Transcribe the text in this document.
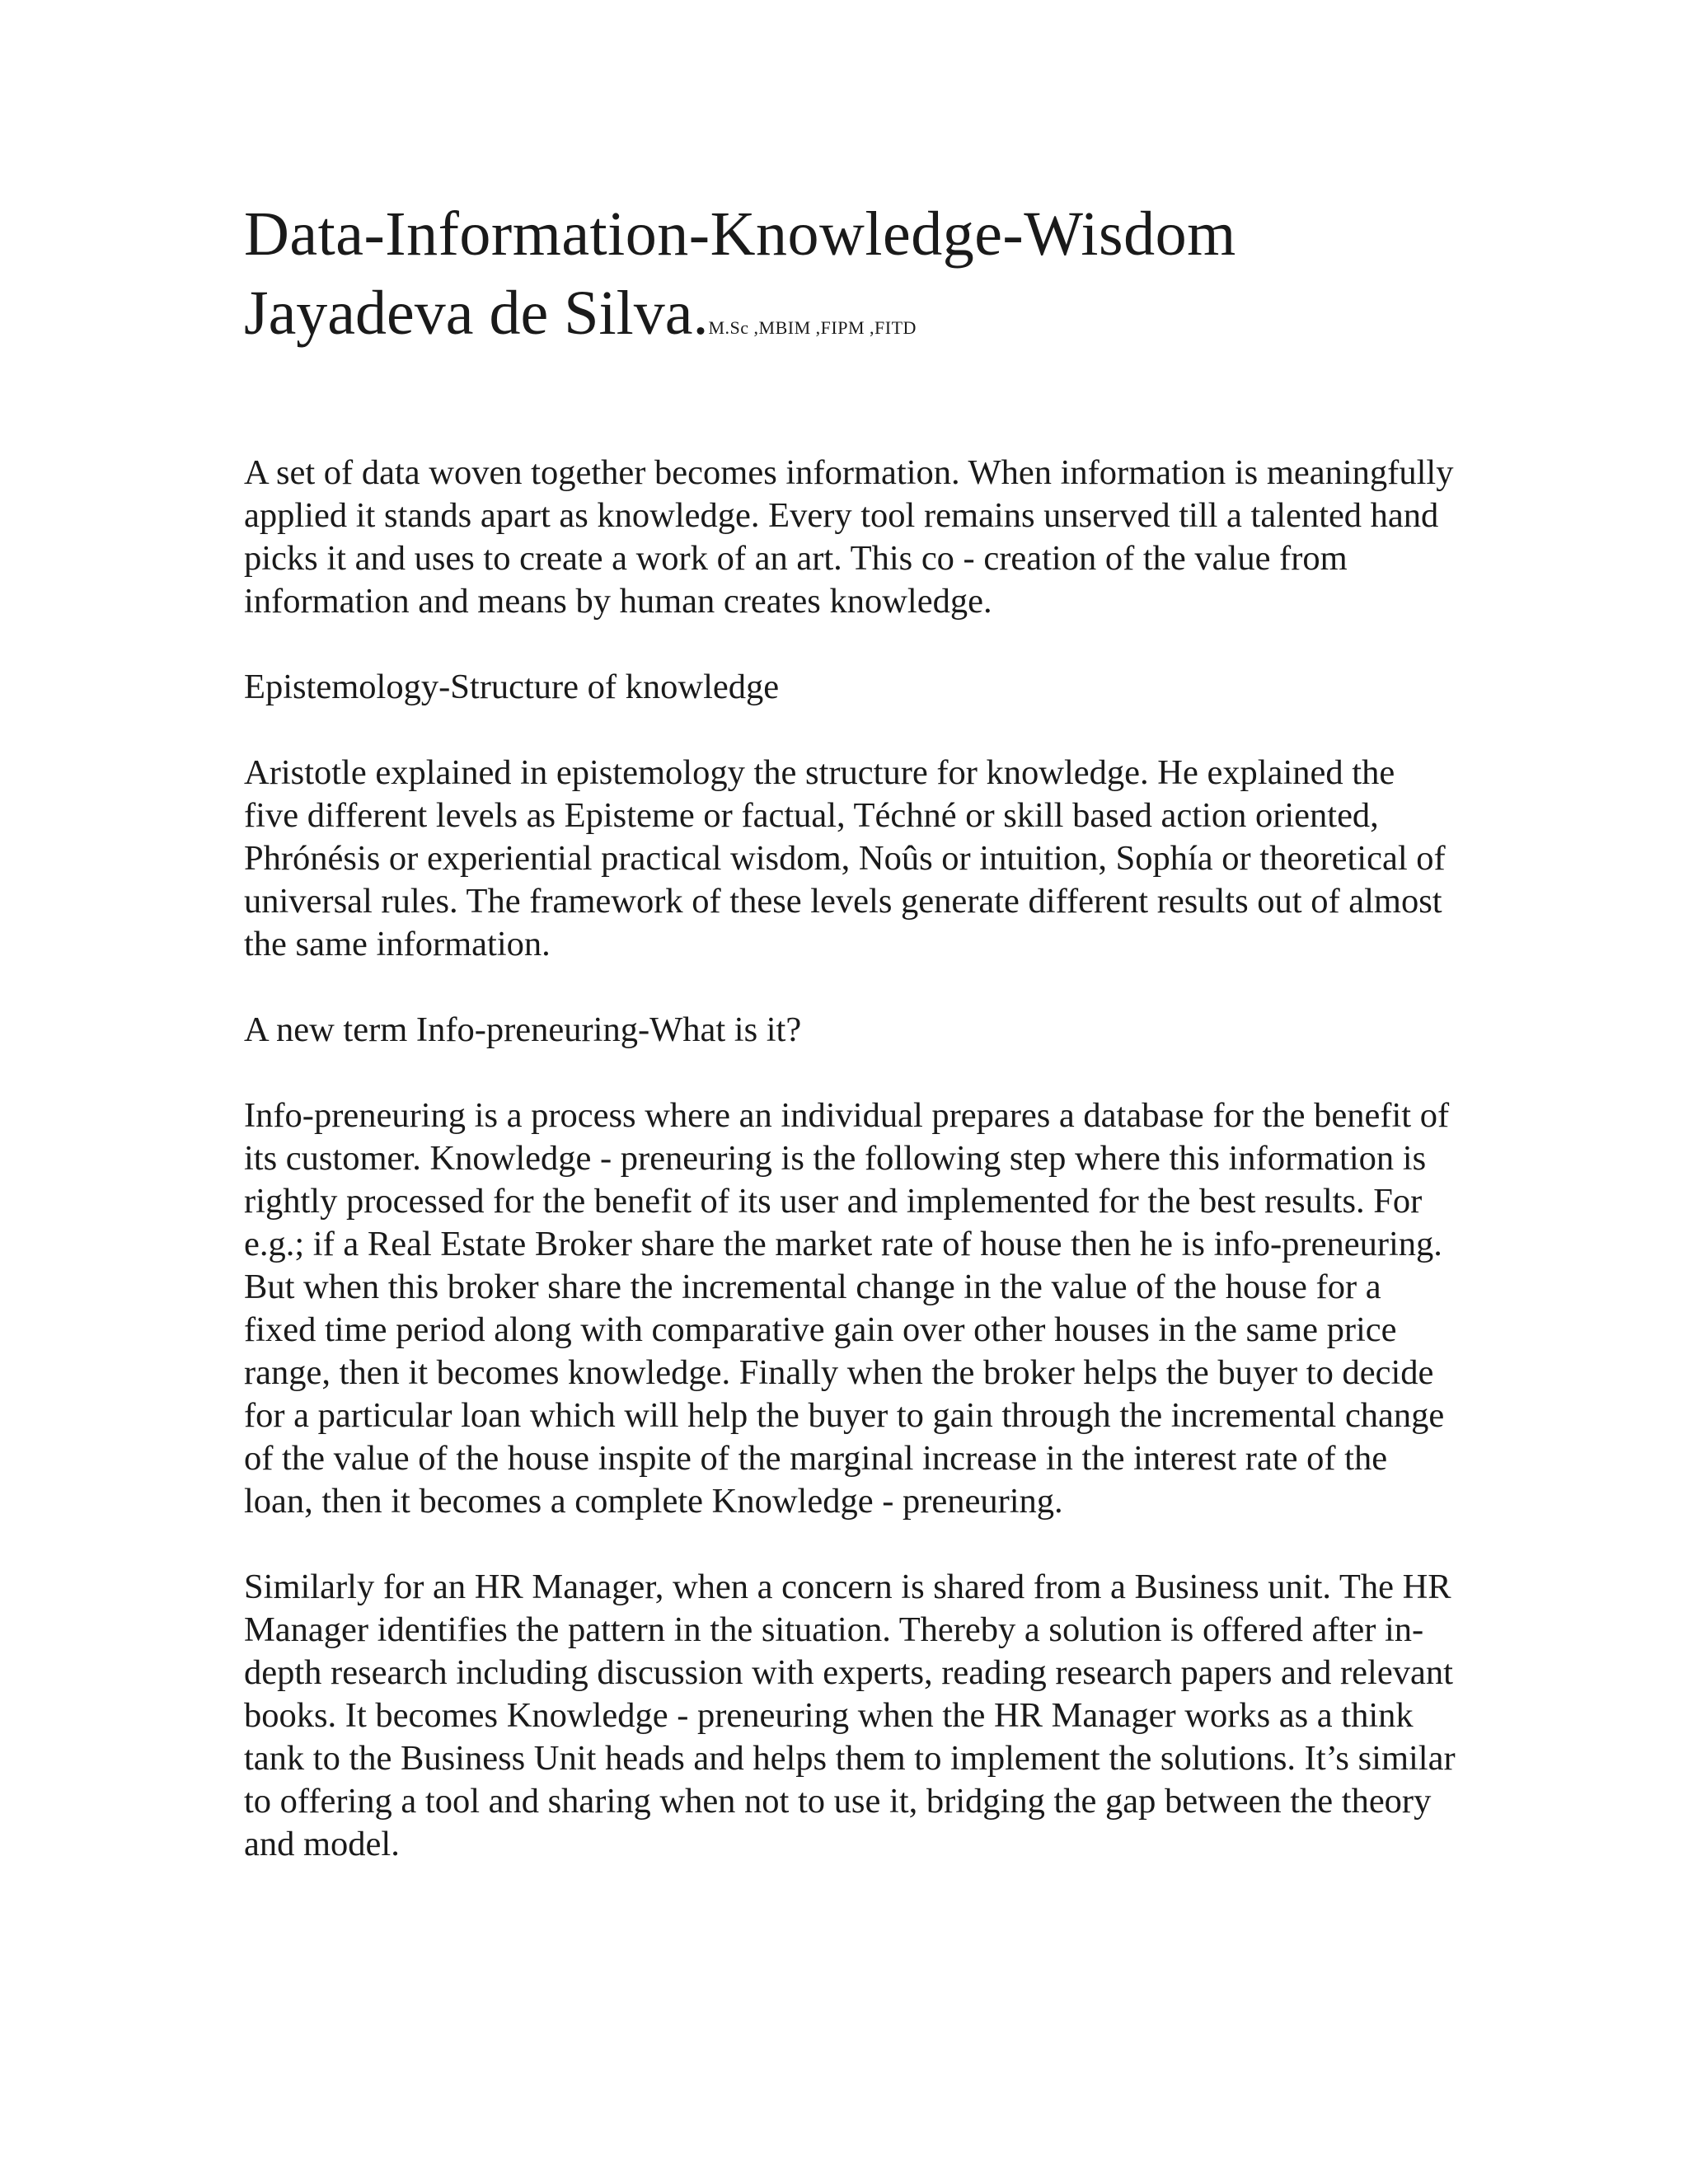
Data-Information-Knowledge-Wisdom
Jayadeva de Silva.M.Sc ,MBIM ,FIPM ,FITD

A set of data woven together becomes information. When information is meaningfully applied it stands apart as knowledge. Every tool remains unserved till a talented hand picks it and uses to create a work of an art. This co - creation of the value from information and means by human creates knowledge.

Epistemology-Structure of knowledge

Aristotle explained in epistemology the structure for knowledge. He explained the five different levels as Episteme or factual, Téchné or skill based action oriented, Phrónésis or experiential practical wisdom, Noûs or intuition, Sophía or theoretical of universal rules. The framework of these levels generate different results out of almost the same information.

A new term Info-preneuring-What is it?

Info-preneuring is a process where an individual prepares a database for the benefit of its customer. Knowledge - preneuring is the following step where this information is rightly processed for the benefit of its user and implemented for the best results. For e.g.; if a Real Estate Broker share the market rate of house then he is info-preneuring. But when this broker share the incremental change in the value of the house for a fixed time period along with comparative gain over other houses in the same price range, then it becomes knowledge. Finally when the broker helps the buyer to decide for a particular loan which will help the buyer to gain through the incremental change of the value of the house inspite of the marginal increase in the interest rate of the loan, then it becomes a complete Knowledge - preneuring.

Similarly for an HR Manager, when a concern is shared from a Business unit. The HR Manager identifies the pattern in the situation. Thereby a solution is offered after in-depth research including discussion with experts, reading research papers and relevant books. It becomes Knowledge - preneuring when the HR Manager works as a think tank to the Business Unit heads and helps them to implement the solutions. It’s similar to offering a tool and sharing when not to use it, bridging the gap between the theory and model.
